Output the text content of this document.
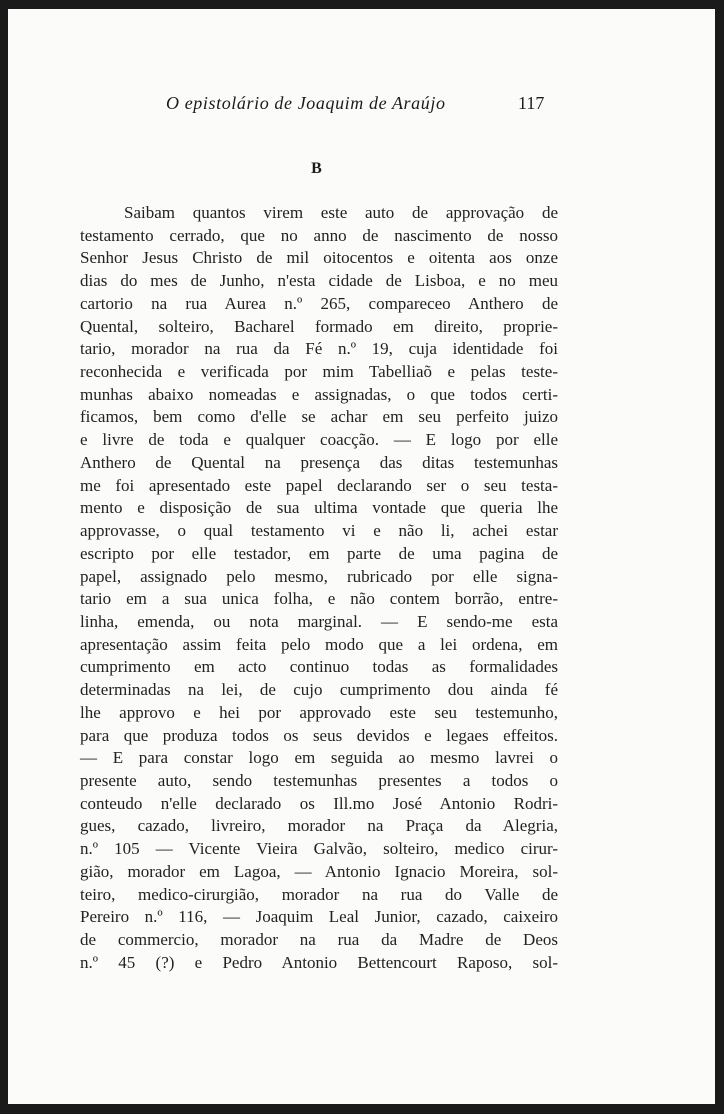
O epistolário de Joaquim de Araújo	117
B
Saibam quantos virem este auto de approvação de
testamento cerrado, que no anno de nascimento de nosso
Senhor Jesus Christo de mil oitocentos e oitenta aos onze
dias do mes de Junho, n'esta cidade de Lisboa, e no meu
cartorio na rua Aurea n.º 265, compareceo Anthero de
Quental, solteiro, Bacharel formado em direito, proprie-
tario, morador na rua da Fé n.º 19, cuja identidade foi
reconhecida e verificada por mim Tabelliaõ e pelas teste-
munhas abaixo nomeadas e assignadas, o que todos certi-
ficamos, bem como d'elle se achar em seu perfeito juizo
e livre de toda e qualquer coacção. — E logo por elle
Anthero de Quental na presença das ditas testemunhas
me foi apresentado este papel declarando ser o seu testa-
mento e disposição de sua ultima vontade que queria lhe
approvasse, o qual testamento vi e não li, achei estar
escripto por elle testador, em parte de uma pagina de
papel, assignado pelo mesmo, rubricado por elle signa-
tario em a sua unica folha, e não contem borrão, entre-
linha, emenda, ou nota marginal. — E sendo-me esta
apresentação assim feita pelo modo que a lei ordena, em
cumprimento em acto continuo todas as formalidades
determinadas na lei, de cujo cumprimento dou ainda fé
lhe approvo e hei por approvado este seu testemunho,
para que produza todos os seus devidos e legaes effeitos.
— E para constar logo em seguida ao mesmo lavrei o
presente auto, sendo testemunhas presentes a todos o
conteudo n'elle declarado os Ill.mo José Antonio Rodri-
gues, cazado, livreiro, morador na Praça da Alegria,
n.º 105 — Vicente Vieira Galvão, solteiro, medico cirur-
gião, morador em Lagoa, — Antonio Ignacio Moreira, sol-
teiro, medico-cirurgião, morador na rua do Valle de
Pereiro n.º 116, — Joaquim Leal Junior, cazado, caixeiro
de commercio, morador na rua da Madre de Deos
n.º 45 (?) e Pedro Antonio Bettencourt Raposo, sol-
